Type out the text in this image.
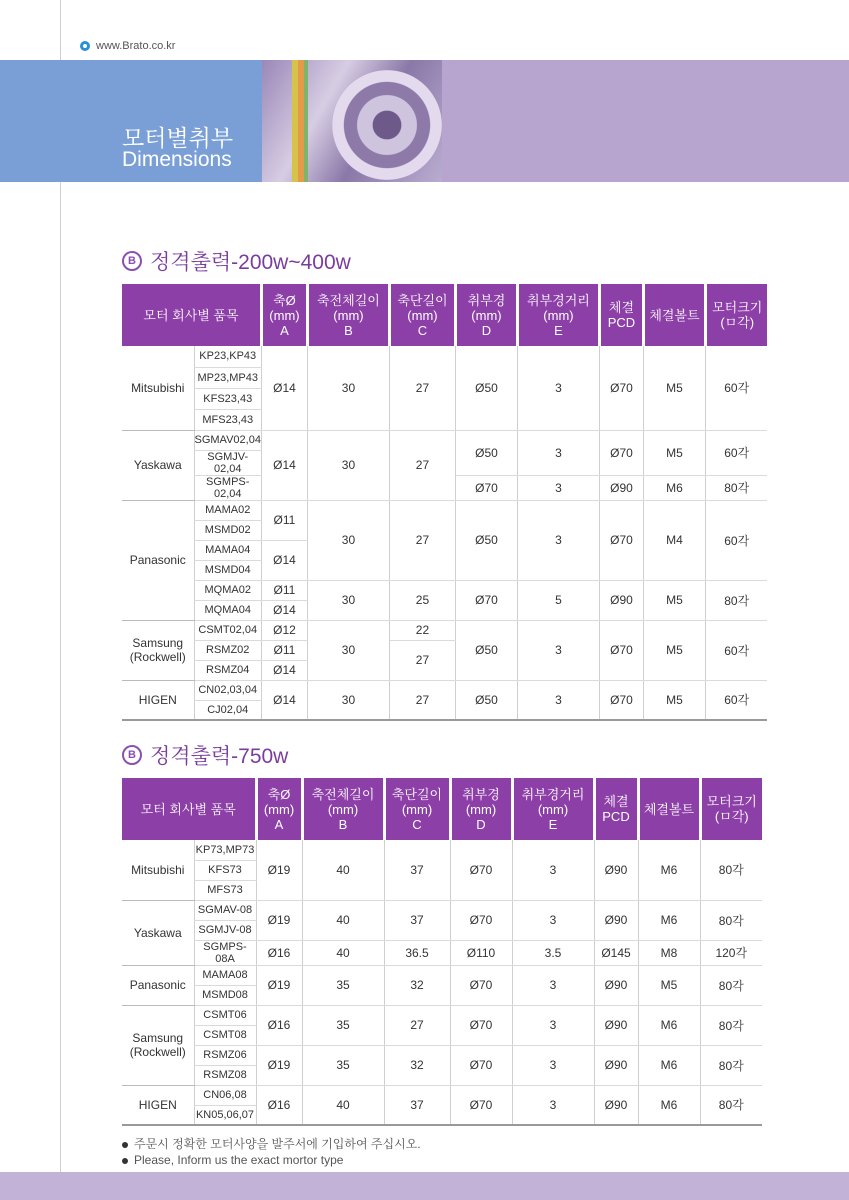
www.Brato.co.kr
모터별취부
Dimensions
B 정격출력-200w~400w
모터 회사별 품목		축Ø
(mm)
A	축전체길이
(mm)
B	축단길이
(mm)
C	취부경
(mm)
D	취부경거리
(mm)
E	체결
PCD	체결볼트	모터크기
(ㅁ각)
Mitsubishi	KP23,KP43	Ø14	30	27	Ø50	3	Ø70	M5	60각
	MP23,MP43								
	KFS23,43								
	MFS23,43								
Yaskawa	SGMAV02,04	Ø14	30	27	Ø50	3	Ø70	M5	60각
	SGMJV-02,04								
	SGMPS-02,04				Ø70	3	Ø90	M6	80각
Panasonic	MAMA02	Ø11	30	27	Ø50	3	Ø70	M4	60각
	MSMD02								
	MAMA04	Ø14							
	MSMD04								
	MQMA02	Ø11	30	25	Ø70	5	Ø90	M5	80각
	MQMA04	Ø14							
Samsung (Rockwell)	CSMT02,04	Ø12	30	22	Ø50	3	Ø70	M5	60각
	RSMZ02	Ø11		27					
	RSMZ04	Ø14							
HIGEN	CN02,03,04	Ø14	30	27	Ø50	3	Ø70	M5	60각
	CJ02,04								
B 정격출력-750w
모터 회사별 품목		축Ø
(mm)
A	축전체길이
(mm)
B	축단길이
(mm)
C	취부경
(mm)
D	취부경거리
(mm)
E	체결
PCD	체결볼트	모터크기
(ㅁ각)
Mitsubishi	KP73,MP73	Ø19	40	37	Ø70	3	Ø90	M6	80각
	KFS73								
	MFS73								
Yaskawa	SGMAV-08	Ø19	40	37	Ø70	3	Ø90	M6	80각
	SGMJV-08								
	SGMPS-08A	Ø16	40	36.5	Ø110	3.5	Ø145	M8	120각
Panasonic	MAMA08	Ø19	35	32	Ø70	3	Ø90	M5	80각
	MSMD08								
Samsung (Rockwell)	CSMT06	Ø16	35	27	Ø70	3	Ø90	M6	80각
	CSMT08								
	RSMZ06	Ø19	35	32	Ø70	3	Ø90	M6	80각
	RSMZ08								
HIGEN	CN06,08	Ø16	40	37	Ø70	3	Ø90	M6	80각
	KN05,06,07								
주문시 정확한 모터사양을 발주서에 기입하여 주십시오.
Please, Inform us the exact mortor type
